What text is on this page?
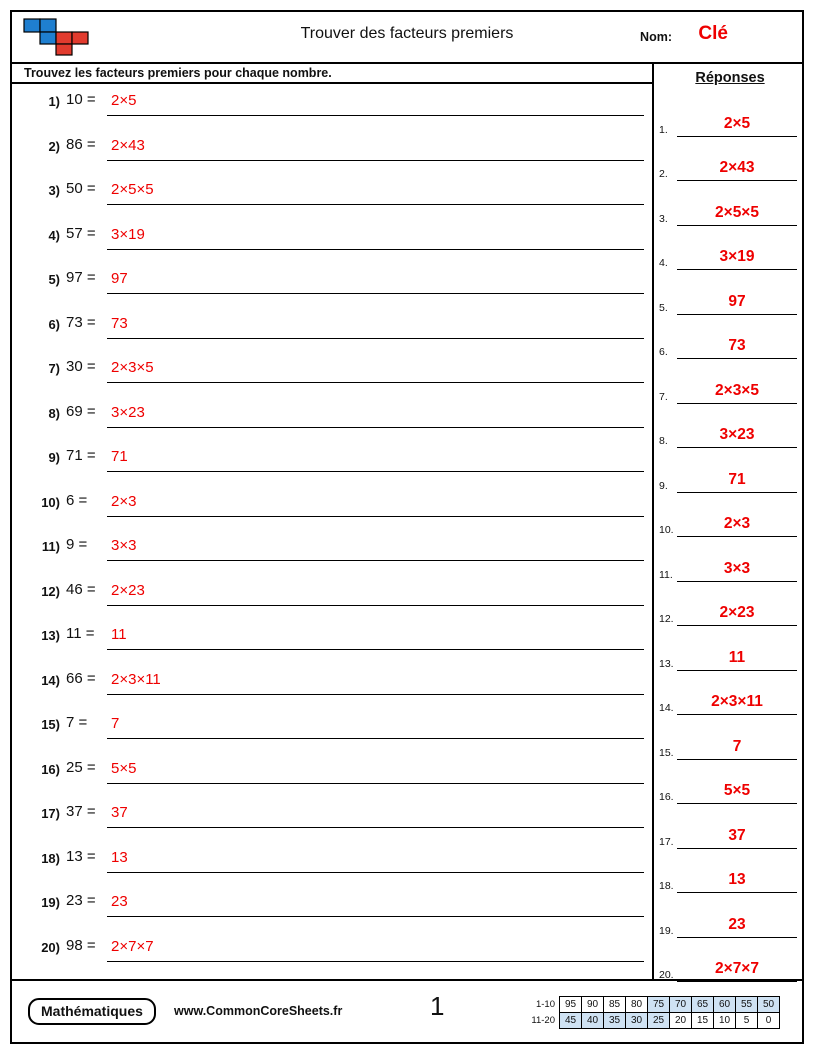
Trouver des facteurs premiers	Nom: Clé
Trouvez les facteurs premiers pour chaque nombre.
1) 10 = 2×5
2) 86 = 2×43
3) 50 = 2×5×5
4) 57 = 3×19
5) 97 = 97
6) 73 = 73
7) 30 = 2×3×5
8) 69 = 3×23
9) 71 = 71
10) 6 = 2×3
11) 9 = 3×3
12) 46 = 2×23
13) 11 = 11
14) 66 = 2×3×11
15) 7 = 7
16) 25 = 5×5
17) 37 = 37
18) 13 = 13
19) 23 = 23
20) 98 = 2×7×7
Réponses
1.	2×5
2.	2×43
3.	2×5×5
4.	3×19
5.	97
6.	73
7.	2×3×5
8.	3×23
9.	71
10.	2×3
11.	3×3
12.	2×23
13.	11
14.	2×3×11
15.	7
16.	5×5
17.	37
18.	13
19.	23
20.	2×7×7
Mathématiques	www.CommonCoreSheets.fr	1	1-10	95	90	85	80	75	70	65	60	55	50
11-20	45	40	35	30	25	20	15	10	5	0
